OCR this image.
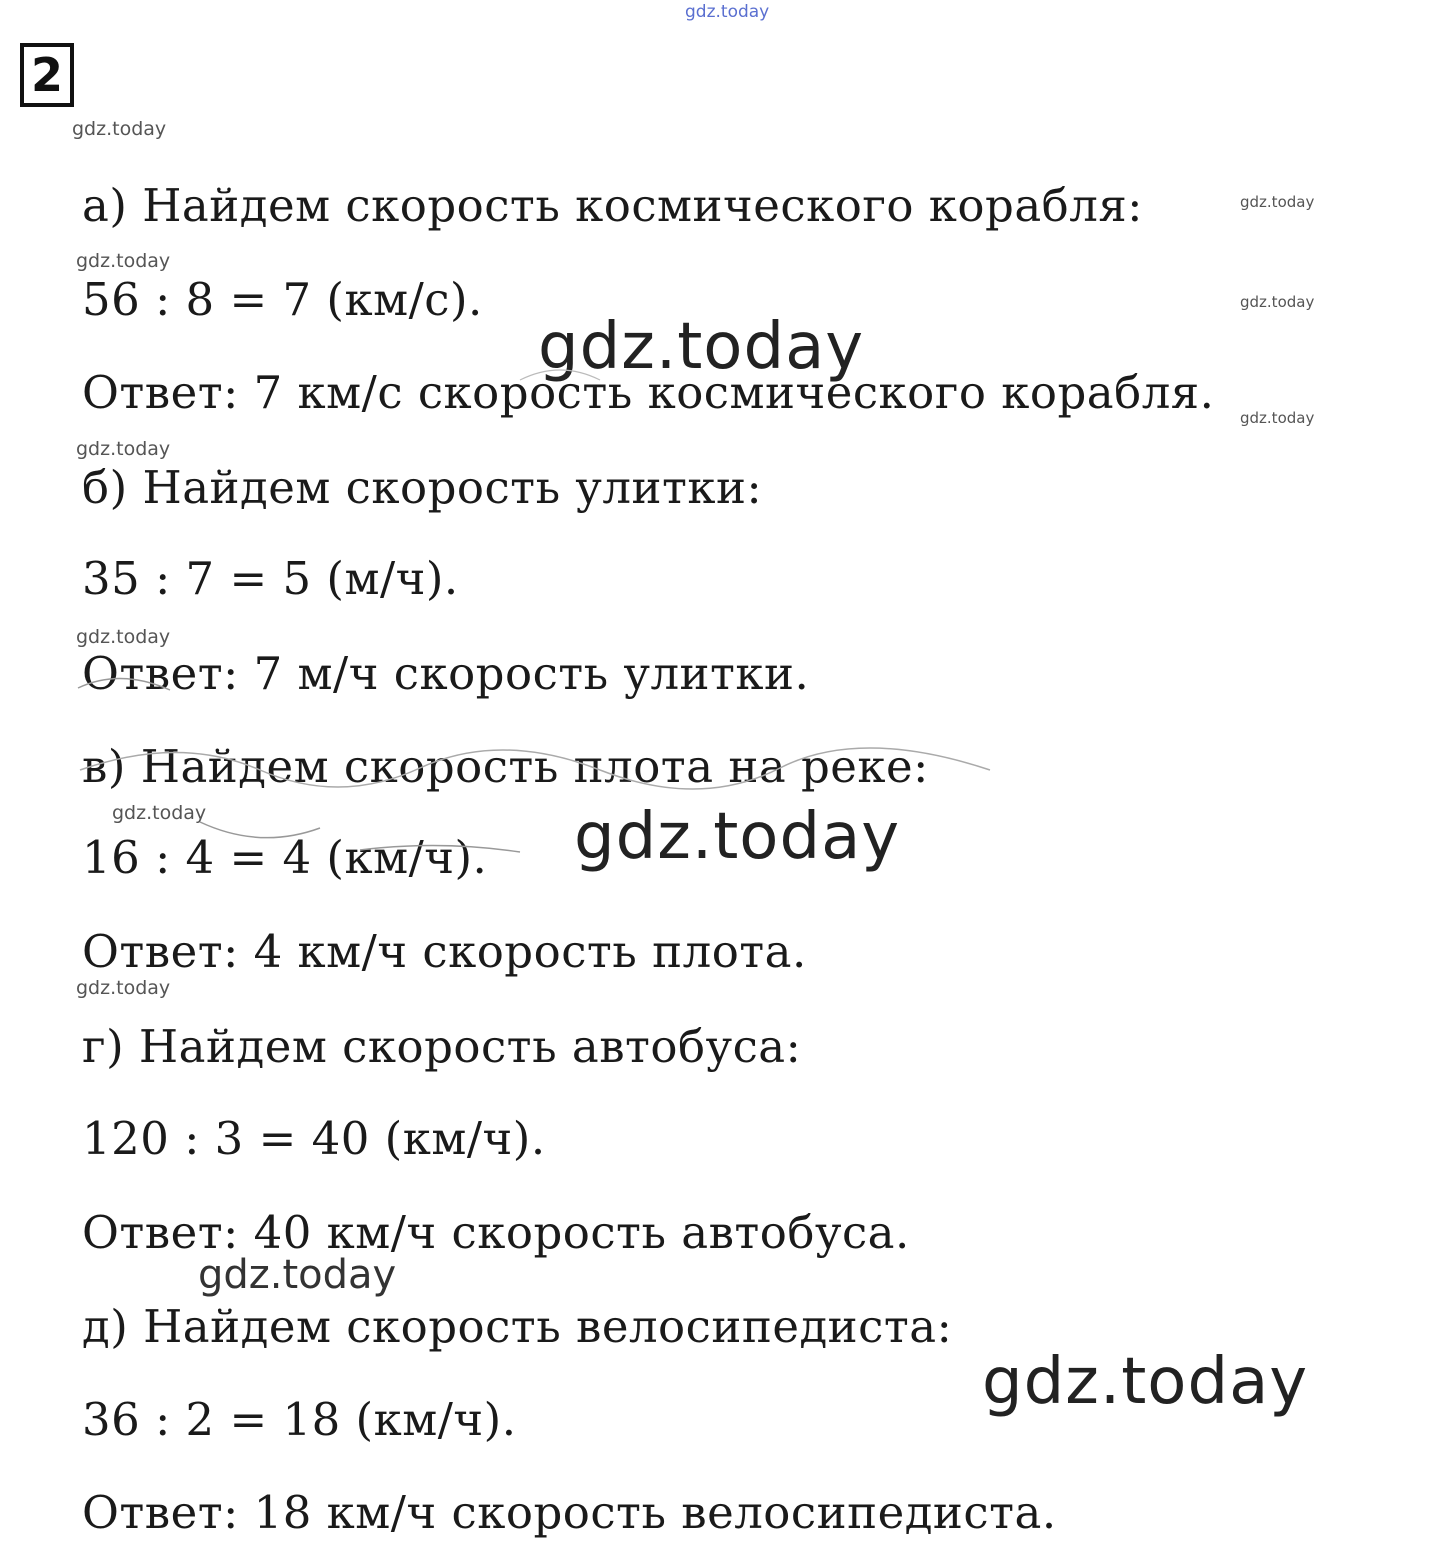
2
а) Найдем скорость космического корабля:
56 : 8 = 7 (км/с).
Ответ: 7 км/с скорость космического корабля.
б) Найдем скорость улитки:
35 : 7 = 5 (м/ч).
Ответ: 7 м/ч скорость улитки.
в) Найдем скорость плота на реке:
16 : 4 = 4 (км/ч).
Ответ: 4 км/ч скорость плота.
г) Найдем скорость автобуса:
120 : 3 = 40 (км/ч).
Ответ: 40 км/ч скорость автобуса.
д) Найдем скорость велосипедиста:
36 : 2 = 18 (км/ч).
Ответ: 18 км/ч скорость велосипедиста.
gdz.today
gdz.today
gdz.today
gdz.today
gdz.today
gdz.today
gdz.today
gdz.today
gdz.today
gdz.today	gdz.today
gdz.today
gdz.today
gdz.today
